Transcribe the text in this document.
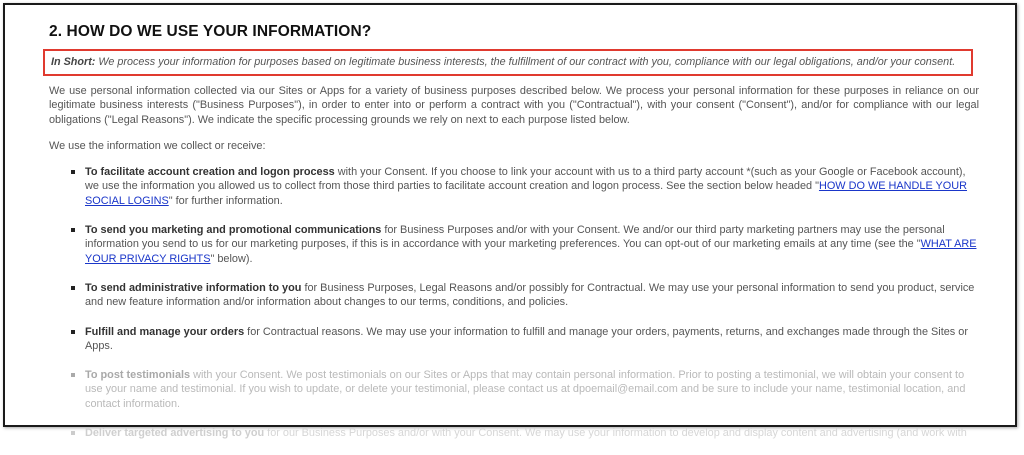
2. HOW DO WE USE YOUR INFORMATION?
In Short: We process your information for purposes based on legitimate business interests, the fulfillment of our contract with you, compliance with our legal obligations, and/or your consent.

We use personal information collected via our Sites or Apps for a variety of business purposes described below. We process your personal information for these purposes in reliance on our legitimate business interests ("Business Purposes"), in order to enter into or perform a contract with you ("Contractual"), with your consent ("Consent"), and/or for compliance with our legal obligations ("Legal Reasons"). We indicate the specific processing grounds we rely on next to each purpose listed below.

We use the information we collect or receive:

To facilitate account creation and logon process with your Consent. If you choose to link your account with us to a third party account *(such as your Google or Facebook account), we use the information you allowed us to collect from those third parties to facilitate account creation and logon process. See the section below headed "HOW DO WE HANDLE YOUR SOCIAL LOGINS" for further information.
To send you marketing and promotional communications for Business Purposes and/or with your Consent. We and/or our third party marketing partners may use the personal information you send to us for our marketing purposes, if this is in accordance with your marketing preferences. You can opt-out of our marketing emails at any time (see the "WHAT ARE YOUR PRIVACY RIGHTS" below).
To send administrative information to you for Business Purposes, Legal Reasons and/or possibly for Contractual. We may use your personal information to send you product, service and new feature information and/or information about changes to our terms, conditions, and policies.
Fulfill and manage your orders for Contractual reasons. We may use your information to fulfill and manage your orders, payments, returns, and exchanges made through the Sites or Apps.
To post testimonials with your Consent. We post testimonials on our Sites or Apps that may contain personal information. Prior to posting a testimonial, we will obtain your consent to use your name and testimonial. If you wish to update, or delete your testimonial, please contact us at dpoemail@email.com and be sure to include your name, testimonial location, and contact information.
Deliver targeted advertising to you for our Business Purposes and/or with your Consent. We may use your information to develop and display content and advertising (and work with
